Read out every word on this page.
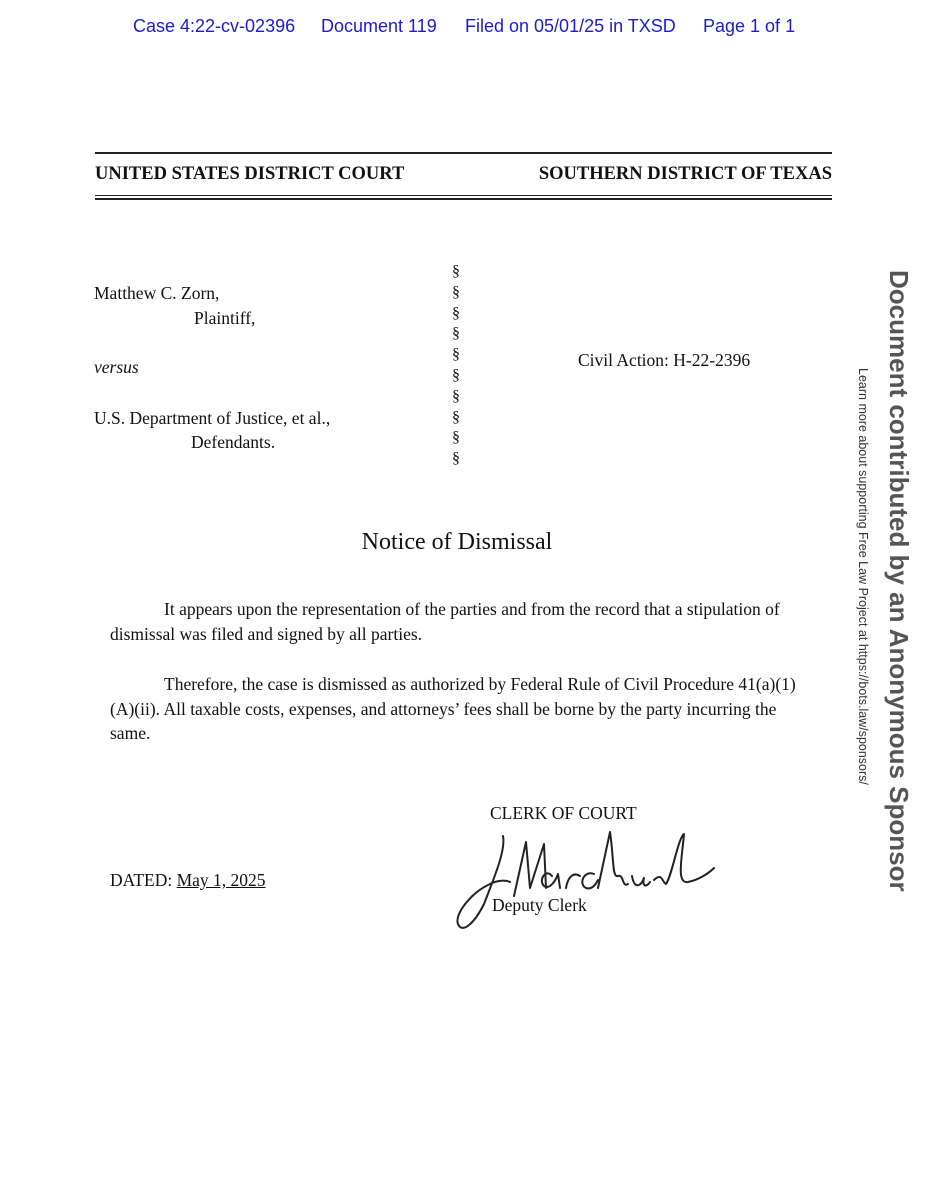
Case 4:22-cv-02396 Document 119 Filed on 05/01/25 in TXSD Page 1 of 1
UNITED STATES DISTRICT COURT	SOUTHERN DISTRICT OF TEXAS
Matthew C. Zorn,
Plaintiff,
versus
U.S. Department of Justice, et al.,
Defendants.
§
§
§
§
§
§
§
§
§
§
Civil Action: H-22-2396
Notice of Dismissal
It appears upon the representation of the parties and from the record that a stipulation of dismissal was filed and signed by all parties.
Therefore, the case is dismissed as authorized by Federal Rule of Civil Procedure 41(a)(1)(A)(ii). All taxable costs, expenses, and attorneys’ fees shall be borne by the party incurring the same.
CLERK OF COURT
DATED: May 1, 2025
Deputy Clerk
Document contributed by an Anonymous Sponsor
Learn more about supporting Free Law Project at https://bots.law/sponsors/
